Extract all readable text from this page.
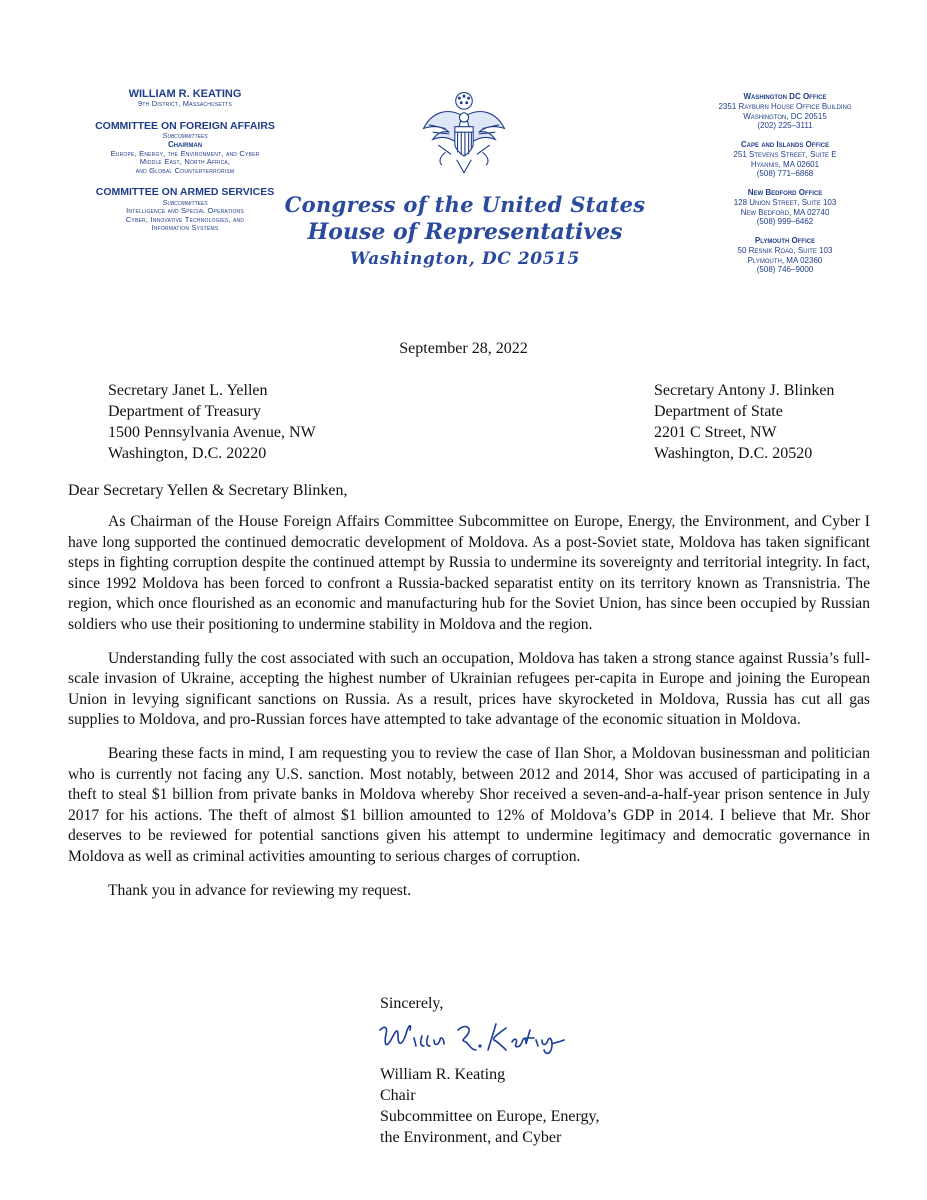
WILLIAM R. KEATING
9th District, Massachusetts
COMMITTEE ON FOREIGN AFFAIRS
Subcommittees
Chairman
Europe, Energy, the Environment, and Cyber
Middle East, North Africa,
and Global Counterterrorism
COMMITTEE ON ARMED SERVICES
Subcommittees
Intelligence and Special Operations
Cyber, Innovative Technologies, and
Information Systems
Congress of the United States
House of Representatives
Washington, DC 20515
Washington DC Office
2351 Rayburn House Office Building
Washington, DC 20515
(202) 225–3111
Cape and Islands Office
251 Stevens Street, Suite E
Hyannis, MA 02601
(508) 771–6868
New Bedford Office
128 Union Street, Suite 103
New Bedford, MA 02740
(508) 999–6462
Plymouth Office
50 Resnik Road, Suite 103
Plymouth, MA 02360
(508) 746–9000
September 28, 2022
Secretary Janet L. Yellen
Department of Treasury
1500 Pennsylvania Avenue, NW
Washington, D.C. 20220
Secretary Antony J. Blinken
Department of State
2201 C Street, NW
Washington, D.C. 20520
Dear Secretary Yellen & Secretary Blinken,

As Chairman of the House Foreign Affairs Committee Subcommittee on Europe, Energy, the Environment, and Cyber I have long supported the continued democratic development of Moldova. As a post-Soviet state, Moldova has taken significant steps in fighting corruption despite the continued attempt by Russia to undermine its sovereignty and territorial integrity. In fact, since 1992 Moldova has been forced to confront a Russia-backed separatist entity on its territory known as Transnistria. The region, which once flourished as an economic and manufacturing hub for the Soviet Union, has since been occupied by Russian soldiers who use their positioning to undermine stability in Moldova and the region.

Understanding fully the cost associated with such an occupation, Moldova has taken a strong stance against Russia’s full-scale invasion of Ukraine, accepting the highest number of Ukrainian refugees per-capita in Europe and joining the European Union in levying significant sanctions on Russia. As a result, prices have skyrocketed in Moldova, Russia has cut all gas supplies to Moldova, and pro-Russian forces have attempted to take advantage of the economic situation in Moldova.

Bearing these facts in mind, I am requesting you to review the case of Ilan Shor, a Moldovan businessman and politician who is currently not facing any U.S. sanction. Most notably, between 2012 and 2014, Shor was accused of participating in a theft to steal $1 billion from private banks in Moldova whereby Shor received a seven-and-a-half-year prison sentence in July 2017 for his actions. The theft of almost $1 billion amounted to 12% of Moldova’s GDP in 2014. I believe that Mr. Shor deserves to be reviewed for potential sanctions given his attempt to undermine legitimacy and democratic governance in Moldova as well as criminal activities amounting to serious charges of corruption.

Thank you in advance for reviewing my request.

Sincerely,
William R. Keating
Chair
Subcommittee on Europe, Energy,
the Environment, and Cyber
